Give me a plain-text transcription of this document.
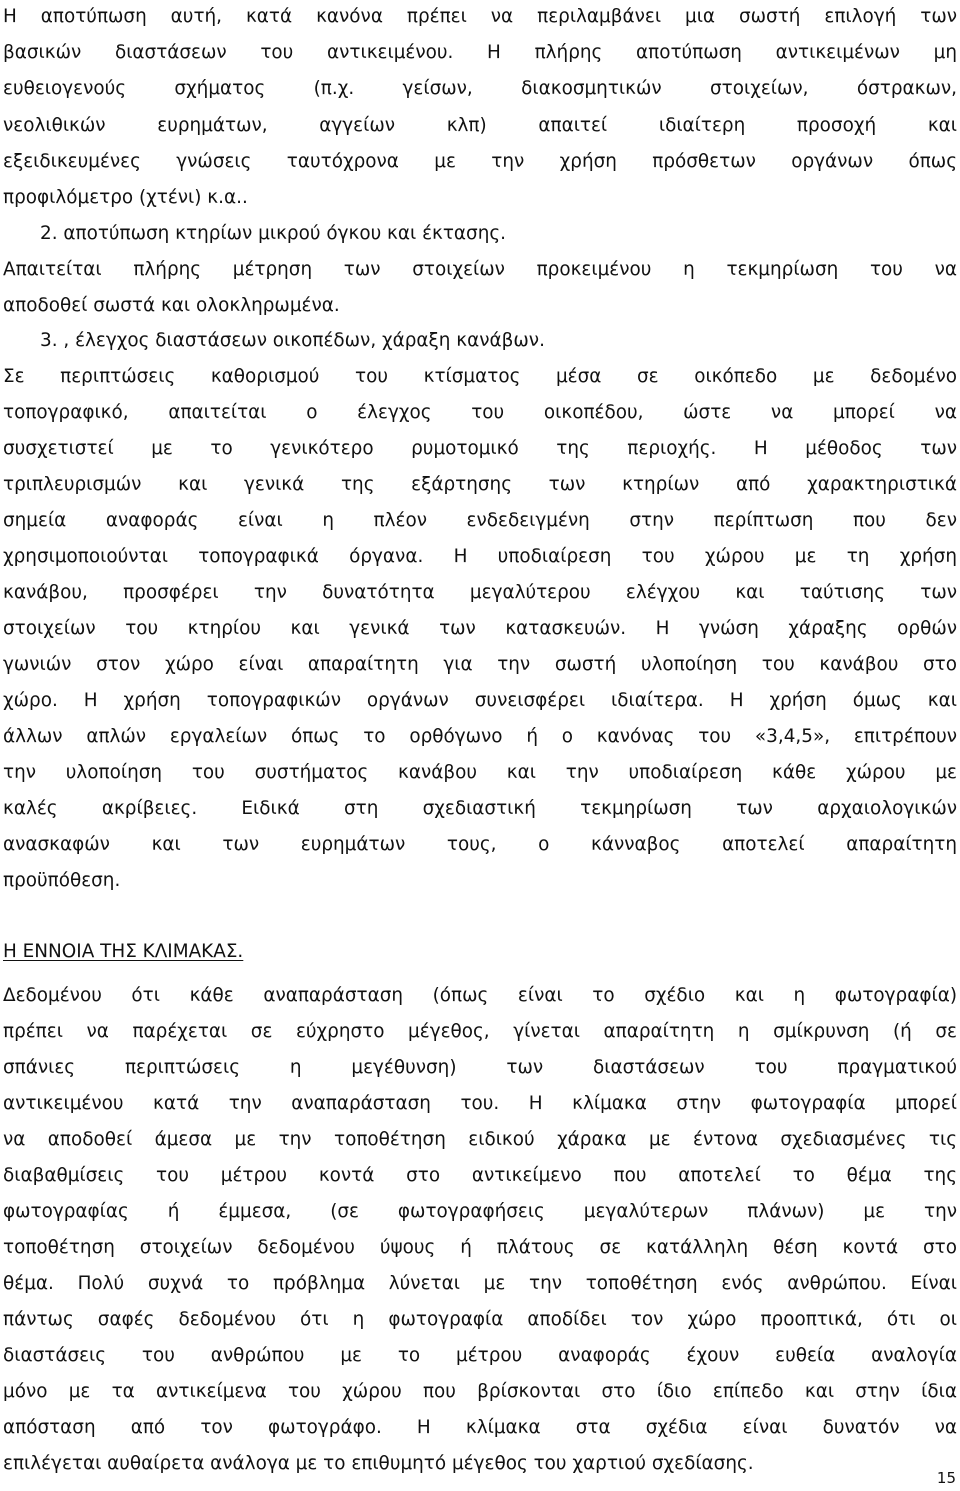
Η αποτύπωση αυτή, κατά κανόνα πρέπει να περιλαμβάνει μια σωστή επιλογή των
βασικών διαστάσεων του αντικειμένου. Η πλήρης αποτύπωση αντικειμένων μη
ευθειογενούς σχήματος (π.χ. γείσων, διακοσμητικών στοιχείων, όστρακων,
νεολιθικών ευρημάτων, αγγείων κλπ) απαιτεί ιδιαίτερη προσοχή και
εξειδικευμένες γνώσεις ταυτόχρονα με την χρήση πρόσθετων οργάνων όπως
προφιλόμετρο (χτένι) κ.α..
2. αποτύπωση κτηρίων μικρού όγκου και έκτασης.
Απαιτείται πλήρης μέτρηση των στοιχείων προκειμένου η τεκμηρίωση του να
αποδοθεί σωστά και ολοκληρωμένα.
3. , έλεγχος διαστάσεων οικοπέδων, χάραξη κανάβων.
Σε περιπτώσεις καθορισμού του κτίσματος μέσα σε οικόπεδο με δεδομένο
τοπογραφικό, απαιτείται ο έλεγχος του οικοπέδου, ώστε να μπορεί να
συσχετιστεί με το γενικότερο ρυμοτομικό της περιοχής. Η μέθοδος των
τριπλευρισμών και γενικά της εξάρτησης των κτηρίων από χαρακτηριστικά
σημεία αναφοράς είναι η πλέον ενδεδειγμένη στην περίπτωση που δεν
χρησιμοποιούνται τοπογραφικά όργανα. Η υποδιαίρεση του χώρου με τη χρήση
κανάβου, προσφέρει την δυνατότητα μεγαλύτερου ελέγχου και ταύτισης των
στοιχείων του κτηρίου και γενικά των κατασκευών. Η γνώση χάραξης ορθών
γωνιών στον χώρο είναι απαραίτητη για την σωστή υλοποίηση του κανάβου στο
χώρο. Η χρήση τοπογραφικών οργάνων συνεισφέρει ιδιαίτερα. Η χρήση όμως και
άλλων απλών εργαλείων όπως το ορθόγωνο ή ο κανόνας του «3,4,5», επιτρέπουν
την υλοποίηση του συστήματος κανάβου και την υποδιαίρεση κάθε χώρου με
καλές ακρίβειες. Ειδικά στη σχεδιαστική τεκμηρίωση των αρχαιολογικών
ανασκαφών και των ευρημάτων τους, ο κάνναβος αποτελεί απαραίτητη
προϋπόθεση.
Η ΕΝΝΟΙΑ ΤΗΣ ΚΛΙΜΑΚΑΣ.
Δεδομένου ότι κάθε αναπαράσταση (όπως είναι το σχέδιο και η φωτογραφία)
πρέπει να παρέχεται σε εύχρηστο μέγεθος, γίνεται απαραίτητη η σμίκρυνση (ή σε
σπάνιες περιπτώσεις η μεγέθυνση) των διαστάσεων του πραγματικού
αντικειμένου κατά την αναπαράσταση του. Η κλίμακα στην φωτογραφία μπορεί
να αποδοθεί άμεσα με την τοποθέτηση ειδικού χάρακα με έντονα σχεδιασμένες τις
διαβαθμίσεις του μέτρου κοντά στο αντικείμενο που αποτελεί το θέμα της
φωτογραφίας ή έμμεσα, (σε φωτογραφήσεις μεγαλύτερων πλάνων) με την
τοποθέτηση στοιχείων δεδομένου ύψους ή πλάτους σε κατάλληλη θέση κοντά στο
θέμα. Πολύ συχνά το πρόβλημα λύνεται με την τοποθέτηση ενός ανθρώπου. Είναι
πάντως σαφές δεδομένου ότι η φωτογραφία αποδίδει τον χώρο προοπτικά, ότι οι
διαστάσεις του ανθρώπου με το μέτρου αναφοράς έχουν ευθεία αναλογία
μόνο με τα αντικείμενα του χώρου που βρίσκονται στο ίδιο επίπεδο και στην ίδια
απόσταση από τον φωτογράφο. Η κλίμακα στα σχέδια είναι δυνατόν να
επιλέγεται αυθαίρετα ανάλογα με το επιθυμητό μέγεθος του χαρτιού σχεδίασης.
15
